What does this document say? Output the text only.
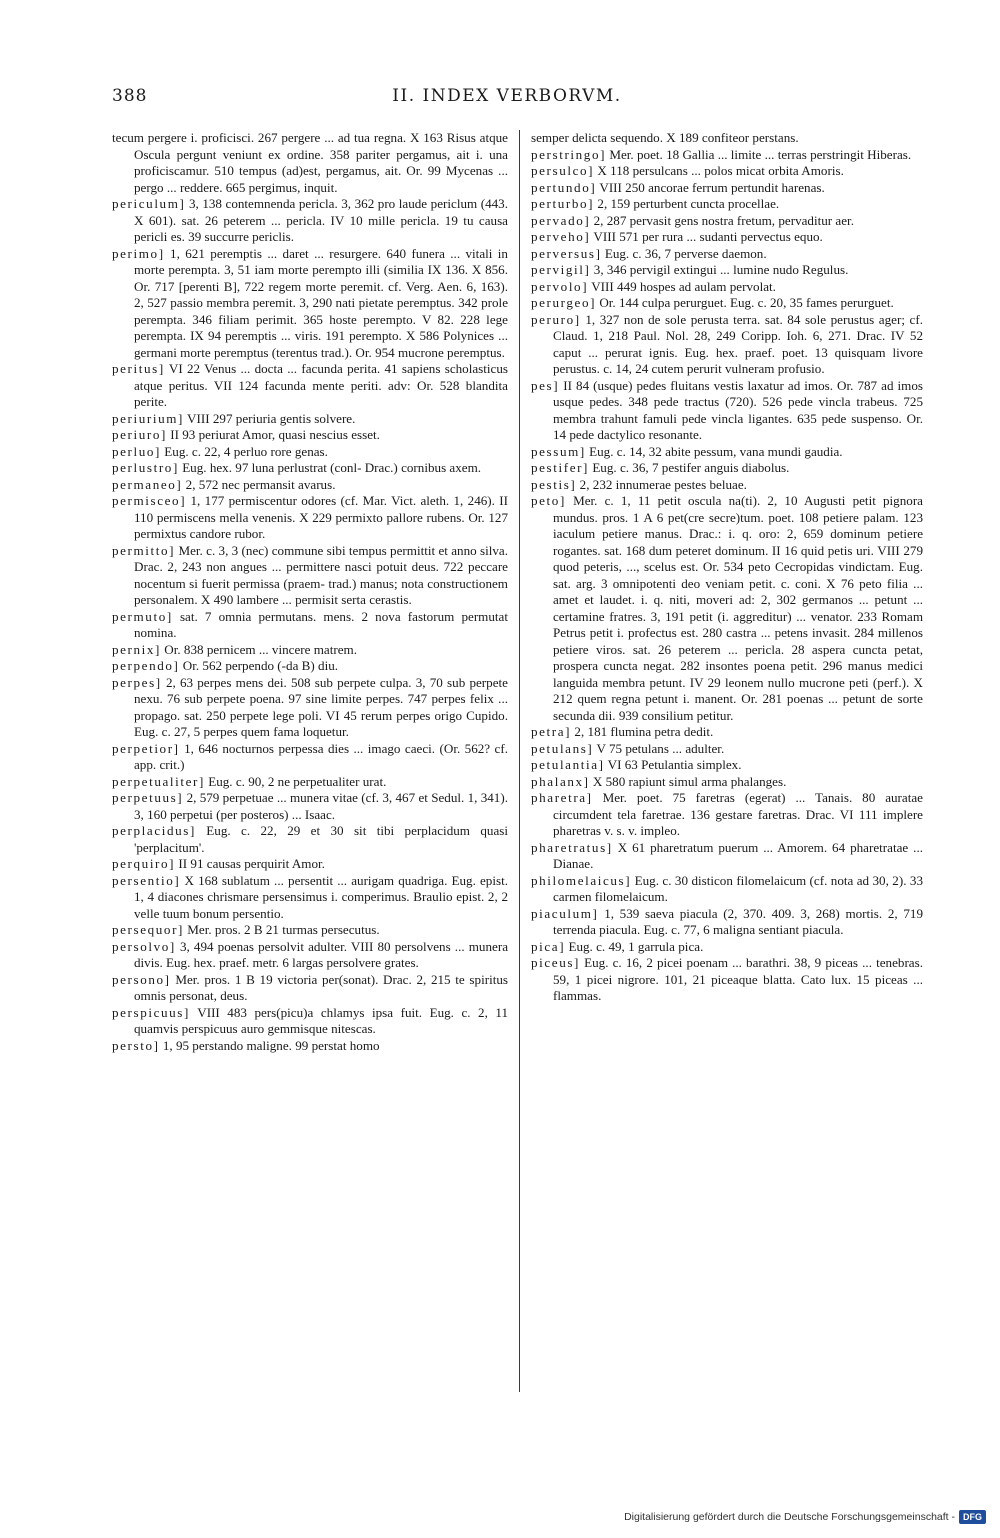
388	II. INDEX VERBORVM.

tecum pergere i. proficisci. 267 pergere ... ad tua regna. X 163 Risus atque Oscula pergunt veniunt ex ordine. 358 pariter pergamus, ait i. una proficiscamur. 510 tempus (ad)est, pergamus, ait. Or. 99 Mycenas ... pergo ... reddere. 665 pergimus, inquit.

periculum] 3, 138 contemnenda pericla. 3, 362 pro laude periclum (443. X 601). sat. 26 peterem ... pericla. IV 10 mille pericla. 19 tu causa pericli es. 39 succurre periclis.

perimo] 1, 621 peremptis ... daret ... resurgere. 640 funera ... vitali in morte perempta. 3, 51 iam morte perempto illi (similia IX 136. X 856. Or. 717 [perenti B], 722 regem morte peremit. cf. Verg. Aen. 6, 163). 2, 527 passio membra peremit. 3, 290 nati pietate peremptus. 342 prole perempta. 346 filiam perimit. 365 hoste perempto. V 82. 228 lege perempta. IX 94 peremptis ... viris. 191 perempto. X 586 Polynices ... germani morte peremptus (terentus trad.). Or. 954 mucrone peremptus.

peritus] VI 22 Venus ... docta ... facunda perita. 41 sapiens scholasticus atque peritus. VII 124 facunda mente periti. adv: Or. 528 blandita perite.

periurium] VIII 297 periuria gentis solvere.

periuro] II 93 periurat Amor, quasi nescius esset.

perluo] Eug. c. 22, 4 perluo rore genas.

perlustro] Eug. hex. 97 luna perlustrat (conl- Drac.) cornibus axem.

permaneo] 2, 572 nec permansit avarus.

permisceo] 1, 177 permiscentur odores (cf. Mar. Vict. aleth. 1, 246). II 110 permiscens mella venenis. X 229 permixto pallore rubens. Or. 127 permixtus candore rubor.

permitto] Mer. c. 3, 3 (nec) commune sibi tempus permittit et anno silva. Drac. 2, 243 non angues ... permittere nasci potuit deus. 722 peccare nocentum si fuerit permissa (praem- trad.) manus; nota constructionem personalem. X 490 lambere ... permisit serta cerastis.

permuto] sat. 7 omnia permutans. mens. 2 nova fastorum permutat nomina.

pernix] Or. 838 pernicem ... vincere matrem.

perpendo] Or. 562 perpendo (-da B) diu.

perpes] 2, 63 perpes mens dei. 508 sub perpete culpa. 3, 70 sub perpete nexu. 76 sub perpete poena. 97 sine limite perpes. 747 perpes felix ... propago. sat. 250 perpete lege poli. VI 45 rerum perpes origo Cupido. Eug. c. 27, 5 perpes quem fama loquetur.

perpetior] 1, 646 nocturnos perpessa dies ... imago caeci. (Or. 562? cf. app. crit.)

perpetualiter] Eug. c. 90, 2 ne perpetualiter urat.

perpetuus] 2, 579 perpetuae ... munera vitae (cf. 3, 467 et Sedul. 1, 341). 3, 160 perpetui (per posteros) ... Isaac.

perplacidus] Eug. c. 22, 29 et 30 sit tibi perplacidum quasi 'perplacitum'.

perquiro] II 91 causas perquirit Amor.

persentio] X 168 sublatum ... persentit ... aurigam quadriga. Eug. epist. 1, 4 diacones chrismare persensimus i. comperimus. Braulio epist. 2, 2 velle tuum bonum persentio.

persequor] Mer. pros. 2 B 21 turmas persecutus.

persolvo] 3, 494 poenas persolvit adulter. VIII 80 persolvens ... munera divis. Eug. hex. praef. metr. 6 largas persolvere grates.

persono] Mer. pros. 1 B 19 victoria per(sonat). Drac. 2, 215 te spiritus omnis personat, deus.

perspicuus] VIII 483 pers(picu)a chlamys ipsa fuit. Eug. c. 2, 11 quamvis perspicuus auro gemmisque nitescas.

persto] 1, 95 perstando maligne. 99 perstat homo

semper delicta sequendo. X 189 confiteor perstans.

perstringo] Mer. poet. 18 Gallia ... limite ... terras perstringit Hiberas.

persulco] X 118 persulcans ... polos micat orbita Amoris.

pertundo] VIII 250 ancorae ferrum pertundit harenas.

perturbo] 2, 159 perturbent cuncta procellae.

pervado] 2, 287 pervasit gens nostra fretum, pervaditur aer.

perveho] VIII 571 per rura ... sudanti pervectus equo.

perversus] Eug. c. 36, 7 perverse daemon.

pervigil] 3, 346 pervigil extingui ... lumine nudo Regulus.

pervolo] VIII 449 hospes ad aulam pervolat.

perurgeo] Or. 144 culpa perurguet. Eug. c. 20, 35 fames perurguet.

peruro] 1, 327 non de sole perusta terra. sat. 84 sole perustus ager; cf. Claud. 1, 218 Paul. Nol. 28, 249 Coripp. Ioh. 6, 271. Drac. IV 52 caput ... perurat ignis. Eug. hex. praef. poet. 13 quisquam livore perustus. c. 14, 24 cutem perurit vulneram profusio.

pes] II 84 (usque) pedes fluitans vestis laxatur ad imos. Or. 787 ad imos usque pedes. 348 pede tractus (720). 526 pede vincla trabeus. 725 membra trahunt famuli pede vincla ligantes. 635 pede suspenso. Or. 14 pede dactylico resonante.

pessum] Eug. c. 14, 32 abite pessum, vana mundi gaudia.

pestifer] Eug. c. 36, 7 pestifer anguis diabolus.

pestis] 2, 232 innumerae pestes beluae.

peto] Mer. c. 1, 11 petit oscula na(ti). 2, 10 Augusti petit pignora mundus. pros. 1 A 6 pet(cre secre)tum. poet. 108 petiere palam. 123 iaculum petiere manus. Drac.: i. q. oro: 2, 659 dominum petiere rogantes. sat. 168 dum peteret dominum. II 16 quid petis uri. VIII 279 quod peteris, ..., scelus est. Or. 534 peto Cecropidas vindictam. Eug. sat. arg. 3 omnipotenti deo veniam petit. c. coni. X 76 peto filia ... amet et laudet. i. q. niti, moveri ad: 2, 302 germanos ... petunt ... certamine fratres. 3, 191 petit (i. aggreditur) ... venator. 233 Romam Petrus petit i. profectus est. 280 castra ... petens invasit. 284 millenos petiere viros. sat. 26 peterem ... pericla. 28 aspera cuncta petat, prospera cuncta negat. 282 insontes poena petit. 296 manus medici languida membra petunt. IV 29 leonem nullo mucrone peti (perf.). X 212 quem regna petunt i. manent. Or. 281 poenas ... petunt de sorte secunda dii. 939 consilium petitur.

petra] 2, 181 flumina petra dedit.

petulans] V 75 petulans ... adulter.

petulantia] VI 63 Petulantia simplex.

phalanx] X 580 rapiunt simul arma phalanges.

pharetra] Mer. poet. 75 faretras (egerat) ... Tanais. 80 auratae circumdent tela faretrae. 136 gestare faretras. Drac. VI 111 implere pharetras v. s. v. impleo.

pharetratus] X 61 pharetratum puerum ... Amorem. 64 pharetratae ... Dianae.

philomelaicus] Eug. c. 30 disticon filomelaicum (cf. nota ad 30, 2). 33 carmen filomelaicum.

piaculum] 1, 539 saeva piacula (2, 370. 409. 3, 268) mortis. 2, 719 terrenda piacula. Eug. c. 77, 6 maligna sentiant piacula.

pica] Eug. c. 49, 1 garrula pica.

piceus] Eug. c. 16, 2 picei poenam ... barathri. 38, 9 piceas ... tenebras. 59, 1 picei nigrore. 101, 21 piceaque blatta. Cato lux. 15 piceas ... flammas.

Digitalisierung gefördert durch die Deutsche Forschungsgemeinschaft - DFG
